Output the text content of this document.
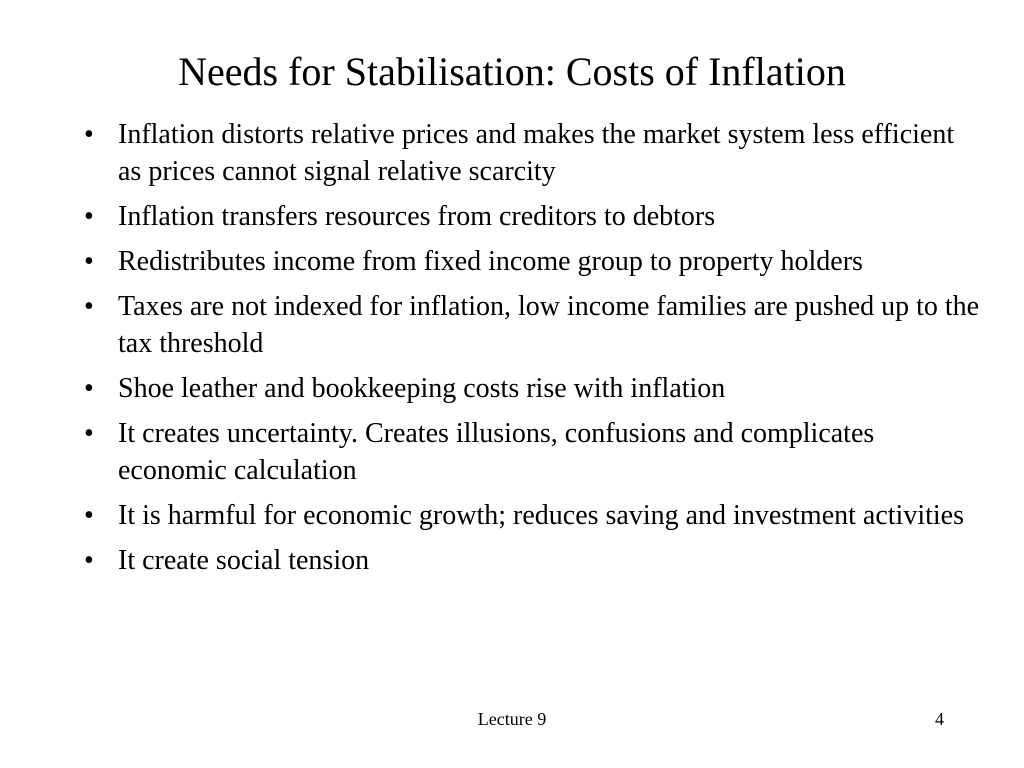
Needs for Stabilisation: Costs of Inflation
• Inflation distorts relative prices and makes the market system less efficient as prices cannot signal relative scarcity
• Inflation transfers resources from creditors to debtors
• Redistributes income from fixed income group to property holders
• Taxes are not indexed for inflation, low income families are pushed up to the tax threshold
• Shoe leather and bookkeeping costs rise with inflation
• It creates uncertainty. Creates illusions, confusions and complicates economic calculation
• It is harmful for economic growth; reduces saving and investment activities
• It create social tension
Lecture 9	4
